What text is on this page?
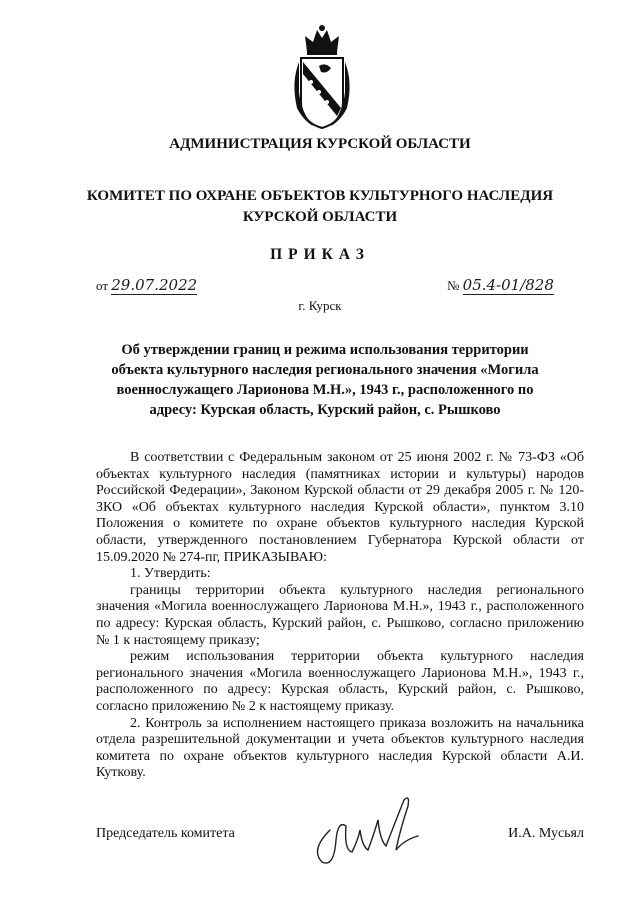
АДМИНИСТРАЦИЯ КУРСКОЙ ОБЛАСТИ
КОМИТЕТ ПО ОХРАНЕ ОБЪЕКТОВ КУЛЬТУРНОГО НАСЛЕДИЯ
КУРСКОЙ ОБЛАСТИ
ПРИКАЗ
от 29.07.2022	№ 05.4-01/828
г. Курск
Об утверждении границ и режима использования территории объекта культурного наследия регионального значения «Могила военнослужащего Ларионова М.Н.», 1943 г., расположенного по адресу: Курская область, Курский район, с. Рышково

В соответствии с Федеральным законом от 25 июня 2002 г. № 73-ФЗ «Об объектах культурного наследия (памятниках истории и культуры) народов Российской Федерации», Законом Курской области от 29 декабря 2005 г. № 120-ЗКО «Об объектах культурного наследия Курской области», пунктом 3.10 Положения о комитете по охране объектов культурного наследия Курской области, утвержденного постановлением Губернатора Курской области от 15.09.2020 № 274-пг, ПРИКАЗЫВАЮ:

1. Утвердить:

границы территории объекта культурного наследия регионального значения «Могила военнослужащего Ларионова М.Н.», 1943 г., расположенного по адресу: Курская область, Курский район, с. Рышково, согласно приложению № 1 к настоящему приказу;

режим использования территории объекта культурного наследия регионального значения «Могила военнослужащего Ларионова М.Н.», 1943 г., расположенного по адресу: Курская область, Курский район, с. Рышково, согласно приложению № 2 к настоящему приказу.

2. Контроль за исполнением настоящего приказа возложить на начальника отдела разрешительной документации и учета объектов культурного наследия комитета по охране объектов культурного наследия Курской области А.И. Куткову.

Председатель комитета	И.А. Мусьял
